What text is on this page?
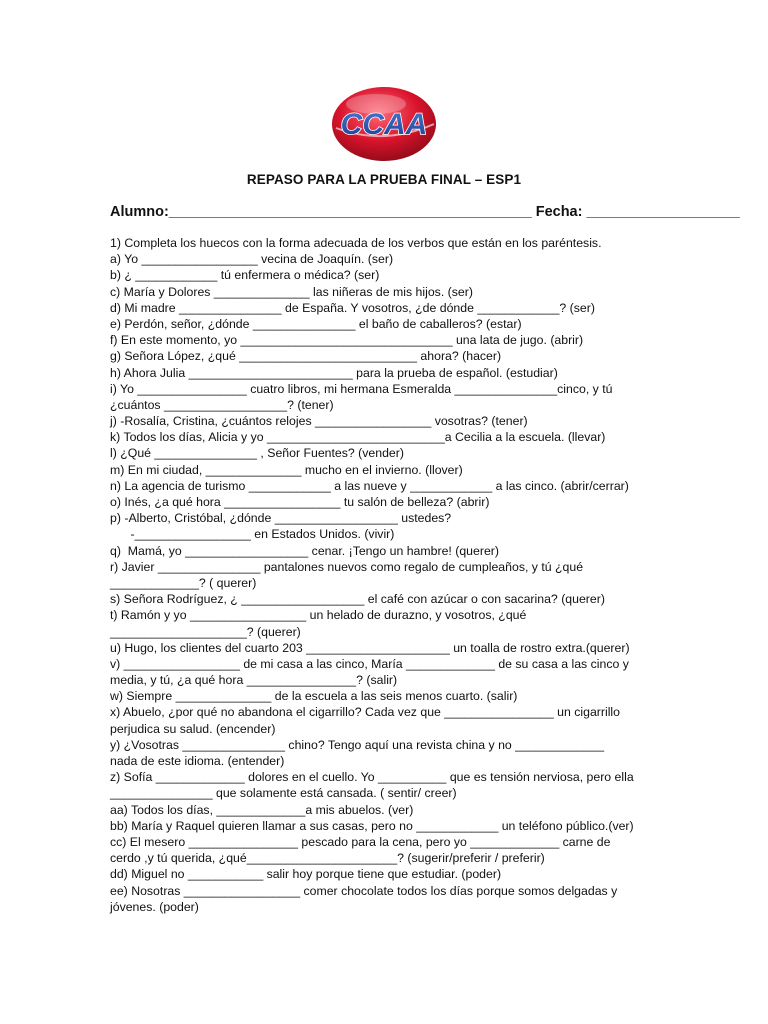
CCAA
REPASO PARA LA PRUEBA FINAL – ESP1
Alumno:_____________________________________________ Fecha: ___________________
1) Completa los huecos con la forma adecuada de los verbos que están en los paréntesis.
a) Yo _________________ vecina de Joaquín. (ser)
b) ¿ ____________ tú enfermera o médica? (ser)
c) María y Dolores ______________ las niñeras de mis hijos. (ser)
d) Mi madre _______________ de España. Y vosotros, ¿de dónde ____________? (ser)
e) Perdón, señor, ¿dónde _______________ el baño de caballeros? (estar)
f) En este momento, yo _______________________________ una lata de jugo. (abrir)
g) Señora López, ¿qué __________________________ ahora? (hacer)
h) Ahora Julia ________________________ para la prueba de español. (estudiar)
i) Yo ________________ cuatro libros, mi hermana Esmeralda _______________cinco, y tú
¿cuántos __________________? (tener)
j) -Rosalía, Cristina, ¿cuántos relojes _________________ vosotras? (tener)
k) Todos los días, Alicia y yo __________________________a Cecilia a la escuela. (llevar)
l) ¿Qué _______________ , Señor Fuentes? (vender)
m) En mi ciudad, ______________ mucho en el invierno. (llover)
n) La agencia de turismo ____________ a las nueve y ____________ a las cinco. (abrir/cerrar)
o) Inés, ¿a qué hora _________________ tu salón de belleza? (abrir)
p) -Alberto, Cristóbal, ¿dónde __________________ ustedes?
-_________________ en Estados Unidos. (vivir)
q)  Mamá, yo __________________ cenar. ¡Tengo un hambre! (querer)
r) Javier _______________ pantalones nuevos como regalo de cumpleaños, y tú ¿qué
_____________? ( querer)
s) Señora Rodríguez, ¿ __________________ el café con azúcar o con sacarina? (querer)
t) Ramón y yo _________________ un helado de durazno, y vosotros, ¿qué
____________________? (querer)
u) Hugo, los clientes del cuarto 203 _____________________ un toalla de rostro extra.(querer)
v) _________________ de mi casa a las cinco, María _____________ de su casa a las cinco y
media, y tú, ¿a qué hora ________________? (salir)
w) Siempre ______________ de la escuela a las seis menos cuarto. (salir)
x) Abuelo, ¿por qué no abandona el cigarrillo? Cada vez que ________________ un cigarrillo
perjudica su salud. (encender)
y) ¿Vosotras _______________ chino? Tengo aquí una revista china y no _____________
nada de este idioma. (entender)
z) Sofía _____________ dolores en el cuello. Yo __________ que es tensión nerviosa, pero ella
_______________ que solamente está cansada. ( sentir/ creer)
aa) Todos los días, _____________a mis abuelos. (ver)
bb) María y Raquel quieren llamar a sus casas, pero no ____________ un teléfono público.(ver)
cc) El mesero ________________ pescado para la cena, pero yo _____________ carne de
cerdo ,y tú querida, ¿qué______________________? (sugerir/preferir / preferir)
dd) Miguel no ___________ salir hoy porque tiene que estudiar. (poder)
ee) Nosotras _________________ comer chocolate todos los días porque somos delgadas y
jóvenes. (poder)
